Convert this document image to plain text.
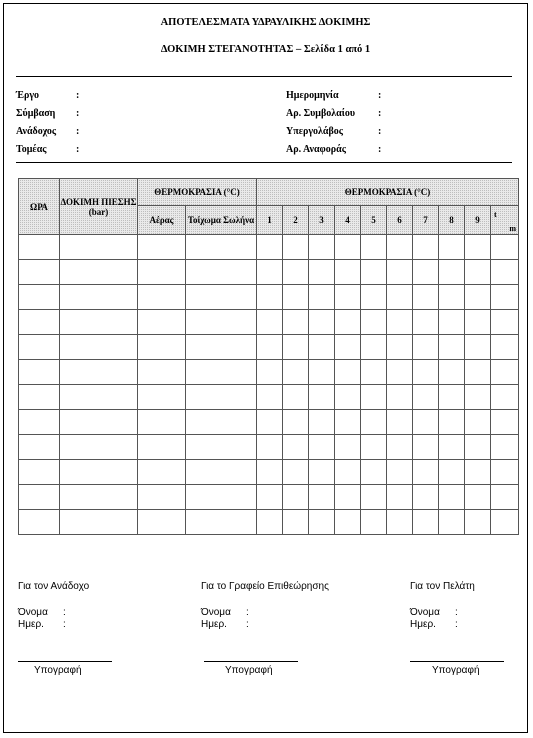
ΑΠΟΤΕΛΕΣΜΑΤΑ ΥΔΡΑΥΛΙΚΗΣ ΔΟΚΙΜΗΣ
ΔΟΚΙΜΗ ΣΤΕΓΑΝΟΤΗΤΑΣ – Σελίδα 1 από 1
Έργο	:
Σύμβαση :
Ανάδοχος :
Τομέας	:
Ημερομηνία	:
Αρ. Συμβολαίου :
Υπεργολάβος	:
Αρ. Αναφοράς	:
ΩΡΑ	ΔΟΚΙΜΗ ΠΙΕΣΗΣ (bar)	ΘΕΡΜΟΚΡΑΣΙΑ (°C)		ΘΕΡΜΟΚΡΑΣΙΑ (°C)									
		Αέρας	Τοίχωμα Σωλήνα	1	2	3	4	5	6	7	8	9	t
m

Για τον Ανάδοχο
Όνομα :
Ημερ. :
Υπογραφή
Για το Γραφείο Επιθεώρησης
Όνομα :
Ημερ. :
Υπογραφή
Για τον Πελάτη
Όνομα :
Ημερ. :
Υπογραφή
